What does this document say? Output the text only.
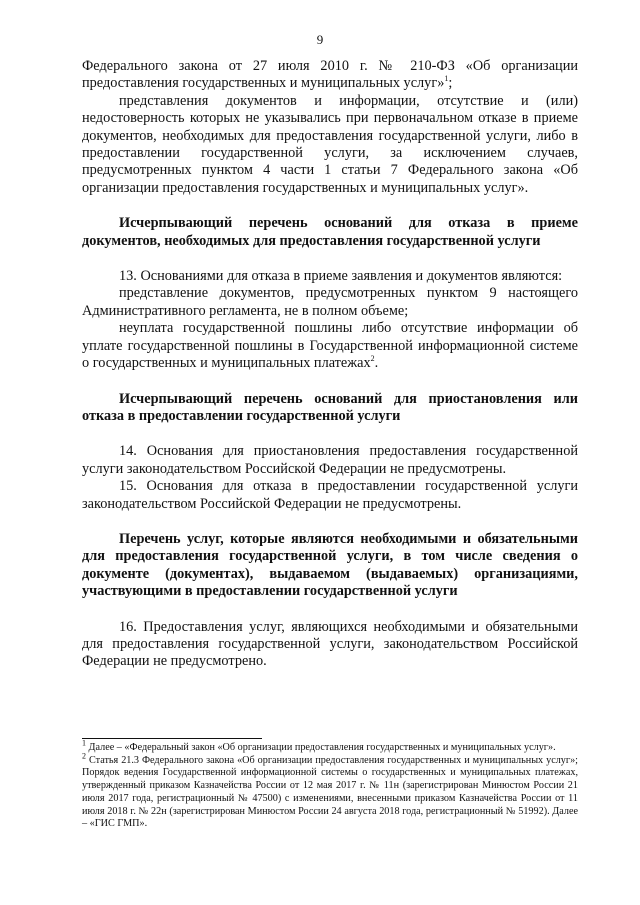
9

Федерального закона от 27 июля 2010 г. № 210-ФЗ «Об организации предоставления государственных и муниципальных услуг»$^1$;

представления документов и информации, отсутствие и (или) недостоверность которых не указывались при первоначальном отказе в приеме документов, необходимых для предоставления государственной услуги, либо в предоставлении государственной услуги, за исключением случаев, предусмотренных пунктом 4 части 1 статьи 7 Федерального закона «Об организации предоставления государственных и муниципальных услуг».

Исчерпывающий перечень оснований для отказа в приеме документов, необходимых для предоставления государственной услуги

13. Основаниями для отказа в приеме заявления и документов являются:

представление документов, предусмотренных пунктом 9 настоящего Административного регламента, не в полном объеме;

неуплата государственной пошлины либо отсутствие информации об уплате государственной пошлины в Государственной информационной системе о государственных и муниципальных платежах$^2$.

Исчерпывающий перечень оснований для приостановления или отказа в предоставлении государственной услуги

14. Основания для приостановления предоставления государственной услуги законодательством Российской Федерации не предусмотрены.

15. Основания для отказа в предоставлении государственной услуги законодательством Российской Федерации не предусмотрены.

Перечень услуг, которые являются необходимыми и обязательными для предоставления государственной услуги, в том числе сведения о документе (документах), выдаваемом (выдаваемых) организациями, участвующими в предоставлении государственной услуги

16. Предоставления услуг, являющихся необходимыми и обязательными для предоставления государственной услуги, законодательством Российской Федерации не предусмотрено.

$^1$ Далее – «Федеральный закон «Об организации предоставления государственных и муниципальных услуг».

$^2$ Статья 21.3 Федерального закона «Об организации предоставления государственных и муниципальных услуг»; Порядок ведения Государственной информационной системы о государственных и муниципальных платежах, утвержденный приказом Казначейства России от 12 мая 2017 г. № 11н (зарегистрирован Минюстом России 21 июля 2017 года, регистрационный № 47500) с изменениями, внесенными приказом Казначейства России от 11 июля 2018 г. № 22н (зарегистрирован Минюстом России 24 августа 2018 года, регистрационный № 51992). Далее – «ГИС ГМП».
